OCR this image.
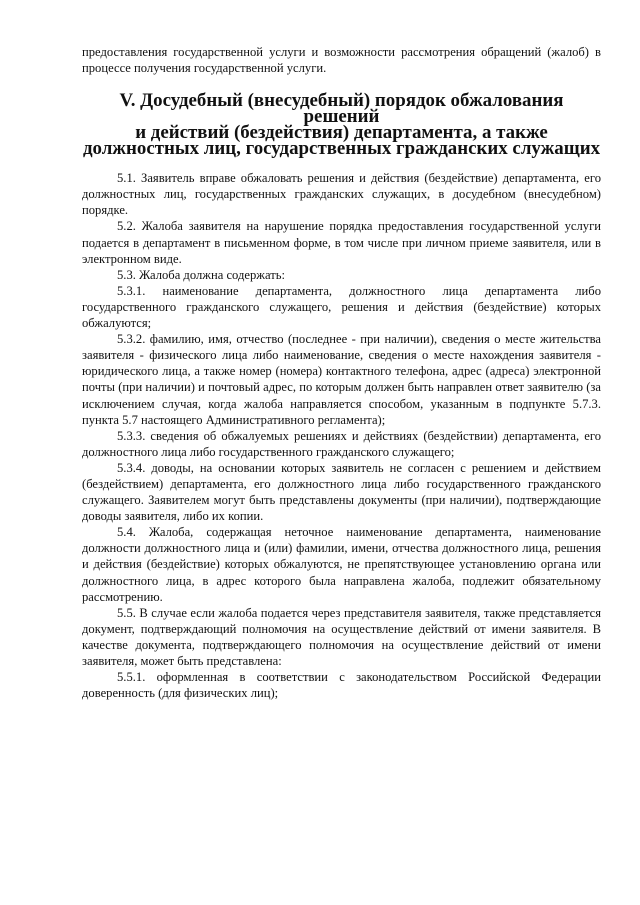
предоставления государственной услуги и возможности рассмотрения обращений (жалоб) в процессе получения государственной услуги.

V. Досудебный (внесудебный) порядок обжалования решений
и действий (бездействия) департамента, а также
должностных лиц, государственных гражданских служащих

5.1. Заявитель вправе обжаловать решения и действия (бездействие) департамента, его должностных лиц, государственных гражданских служащих, в досудебном (внесудебном) порядке.

5.2. Жалоба заявителя на нарушение порядка предоставления государственной услуги подается в департамент в письменном форме, в том числе при личном приеме заявителя, или в электронном виде.

5.3. Жалоба должна содержать:

5.3.1. наименование департамента, должностного лица департамента либо государственного гражданского служащего, решения и действия (бездействие) которых обжалуются;

5.3.2. фамилию, имя, отчество (последнее - при наличии), сведения о месте жительства заявителя - физического лица либо наименование, сведения о месте нахождения заявителя - юридического лица, а также номер (номера) контактного телефона, адрес (адреса) электронной почты (при наличии) и почтовый адрес, по которым должен быть направлен ответ заявителю (за исключением случая, когда жалоба направляется способом, указанным в подпункте 5.7.3. пункта 5.7 настоящего Административного регламента);

5.3.3. сведения об обжалуемых решениях и действиях (бездействии) департамента, его должностного лица либо государственного гражданского служащего;

5.3.4. доводы, на основании которых заявитель не согласен с решением и действием (бездействием) департамента, его должностного лица либо государственного гражданского служащего. Заявителем могут быть представлены документы (при наличии), подтверждающие доводы заявителя, либо их копии.

5.4. Жалоба, содержащая неточное наименование департамента, наименование должности должностного лица и (или) фамилии, имени, отчества должностного лица, решения и действия (бездействие) которых обжалуются, не препятствующее установлению органа или должностного лица, в адрес которого была направлена жалоба, подлежит обязательному рассмотрению.

5.5. В случае если жалоба подается через представителя заявителя, также представляется документ, подтверждающий полномочия на осуществление действий от имени заявителя. В качестве документа, подтверждающего полномочия на осуществление действий от имени заявителя, может быть представлена:

5.5.1. оформленная в соответствии с законодательством Российской Федерации доверенность (для физических лиц);
